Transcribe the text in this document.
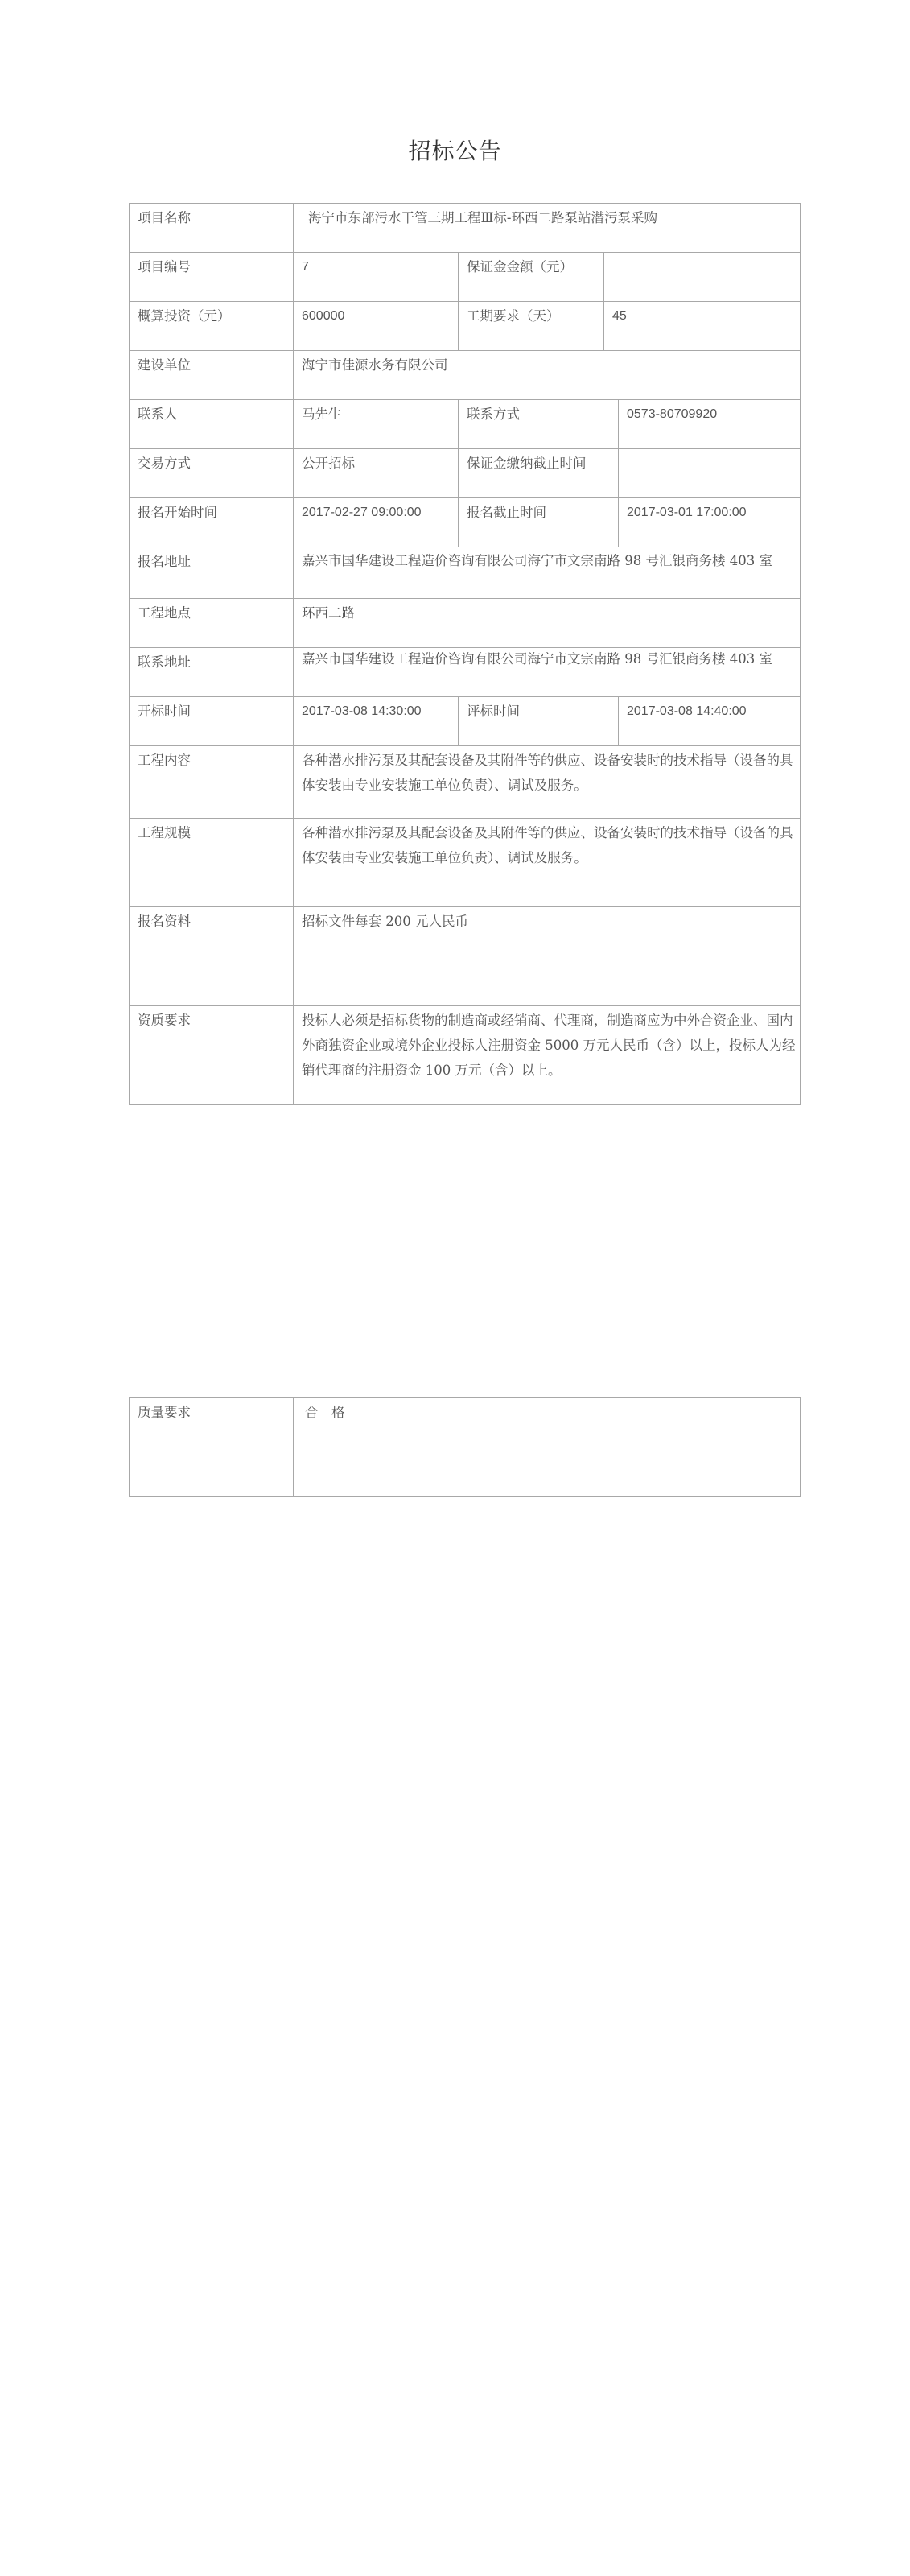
招标公告
项目名称	海宁市东部污水干管三期工程Ⅲ标-环西二路泵站潜污泵采购
项目编号	7	保证金金额（元）
概算投资（元）	600000	工期要求（天）	45
建设单位	海宁市佳源水务有限公司
联系人	马先生	联系方式	0573-80709920
交易方式	公开招标	保证金缴纳截止时间
报名开始时间	2017-02-27 09:00:00	报名截止时间	2017-03-01 17:00:00
报名地址	嘉兴市国华建设工程造价咨询有限公司海宁市文宗南路 98 号汇银商务楼 403 室
工程地点	环西二路
联系地址	嘉兴市国华建设工程造价咨询有限公司海宁市文宗南路 98 号汇银商务楼 403 室
开标时间	2017-03-08 14:30:00	评标时间	2017-03-08 14:40:00
工程内容	各种潜水排污泵及其配套设备及其附件等的供应、设备安装时的技术指导（设备的具体安装由专业安装施工单位负责）、调试及服务。
工程规模	各种潜水排污泵及其配套设备及其附件等的供应、设备安装时的技术指导（设备的具体安装由专业安装施工单位负责）、调试及服务。
报名资料	招标文件每套 200 元人民币
资质要求	投标人必须是招标货物的制造商或经销商、代理商，制造商应为中外合资企业、国内外商独资企业或境外企业投标人注册资金 5000 万元人民币（含）以上，投标人为经销代理商的注册资金 100 万元（含）以上。
质量要求	合　格
